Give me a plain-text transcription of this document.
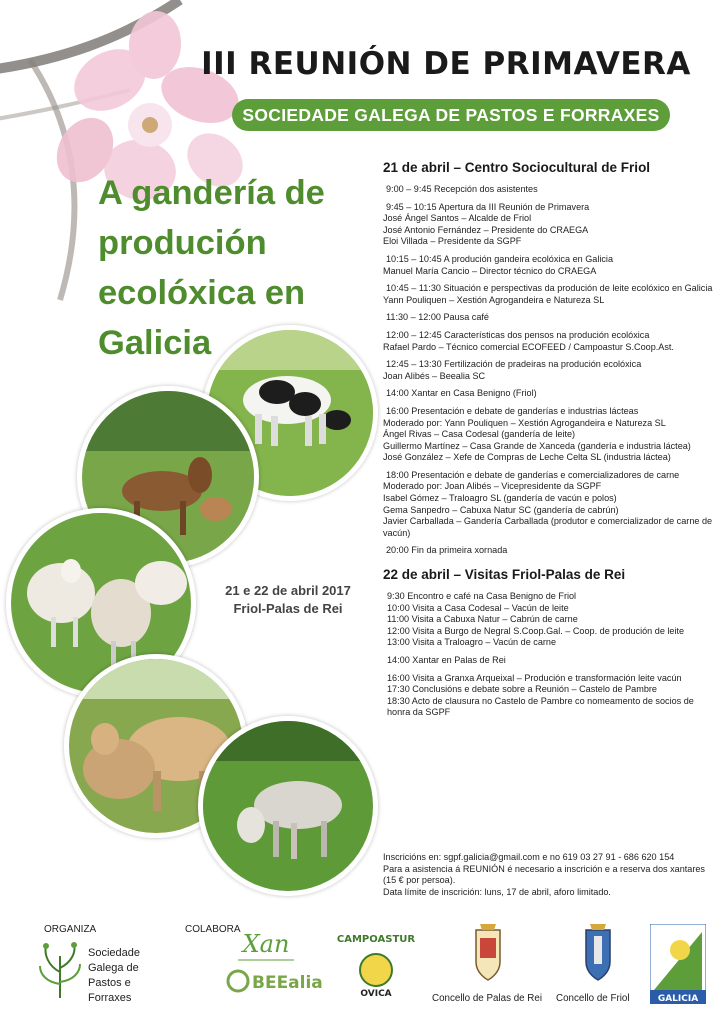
III REUNIÓN DE PRIMAVERA
SOCIEDADE GALEGA DE PASTOS E FORRAXES
A gandería de
produción
ecolóxica en
Galicia
21 e 22 de abril 2017
Friol-Palas de Rei
21 de abril – Centro Sociocultural de Friol
9:00 – 9:45 Recepción dos asistentes
9:45 – 10:15 Apertura da III Reunión de Primavera
José Ángel Santos – Alcalde de Friol
José Antonio Fernández – Presidente do CRAEGA
Eloi Villada – Presidente da SGPF
10:15 – 10:45 A produción gandeira ecolóxica en Galicia
Manuel María Cancio – Director técnico do CRAEGA
10:45 – 11:30 Situación e perspectivas da produción de leite ecolóxico en Galicia
Yann Pouliquen – Xestión Agrogandeira e Natureza SL
11:30 – 12:00 Pausa café
12:00 – 12:45 Características dos pensos na produción ecolóxica
Rafael Pardo – Técnico comercial ECOFEED / Campoastur S.Coop.Ast.
12:45 – 13:30 Fertilización de pradeiras na produción ecolóxica
Joan Alibés – Beealia SC
14:00 Xantar en Casa Benigno (Friol)
16:00 Presentación e debate de ganderías e industrias lácteas
Moderado por: Yann Pouliquen – Xestión Agrogandeira e Natureza SL
Ángel Rivas – Casa Codesal (gandería de leite)
Guillermo Martínez – Casa Grande de Xanceda (gandería e industria láctea)
José González – Xefe de Compras de Leche Celta SL (industria láctea)
18:00 Presentación e debate de ganderías e comercializadores de carne
Moderado por: Joan Alibés – Vicepresidente da SGPF
Isabel Gómez – Traloagro SL (gandería de vacún e polos)
Gema Sanpedro – Cabuxa Natur SC (gandería de cabrún)
Javier Carballada – Gandería Carballada (produtor e comercializador de carne de vacún)
20:00 Fin da primeira xornada
22 de abril – Visitas Friol-Palas de Rei
9:30 Encontro e café na Casa Benigno de Friol
10:00 Visita a Casa Codesal – Vacún de leite
11:00 Visita a Cabuxa Natur – Cabrún de carne
12:00 Visita a Burgo de Negral S.Coop.Gal. – Coop. de produción de leite
13:00 Visita a Traloagro – Vacún de carne
14:00 Xantar en Palas de Rei
16:00 Visita a Granxa Arqueixal – Produción e transformación leite vacún
17:30 Conclusións e debate sobre a Reunión – Castelo de Pambre
18:30 Acto de clausura no Castelo de Pambre co nomeamento de socios de honra da SGPF
Inscricións en: sgpf.galicia@gmail.com e no 619 03 27 91 - 686 620 154
Para a asistencia á REUNIÓN é necesario a inscrición e a reserva dos xantares (15 € por persoa).
Data límite de inscrición: luns, 17 de abril, aforo limitado.
ORGANIZA	COLABORA
Sociedade
Galega de
Pastos e
Forraxes
Xan
BEEalia
CAMPOASTUR
OVICA	GALICIA
Concello de Palas de Rei Concello de Friol
